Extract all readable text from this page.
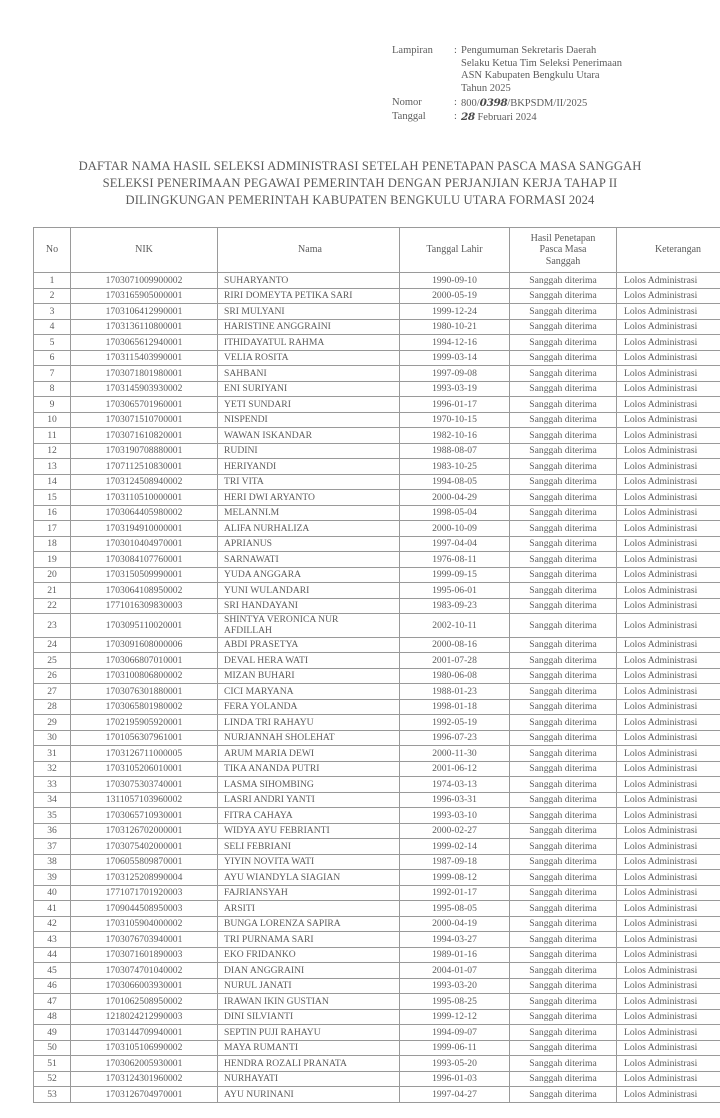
Lampiran	: Pengumuman Sekretaris Daerah
Selaku Ketua Tim Seleksi Penerimaan
ASN Kabupaten Bengkulu Utara
Tahun 2025
Nomor	: 800/0398/BKPSDM/II/2025
Tanggal	: 28 Februari 2024
DAFTAR NAMA HASIL SELEKSI ADMINISTRASI SETELAH PENETAPAN PASCA MASA SANGGAH
SELEKSI PENERIMAAN PEGAWAI PEMERINTAH DENGAN PERJANJIAN KERJA TAHAP II
DILINGKUNGAN PEMERINTAH KABUPATEN BENGKULU UTARA FORMASI 2024
No	NIK	Nama	Tanggal Lahir	Hasil Penetapan
Pasca Masa
Sanggah	Keterangan
1	1703071009900002	SUHARYANTO	1990-09-10	Sanggah diterima	Lolos Administrasi
2	1703165905000001	RIRI DOMEYTA PETIKA SARI	2000-05-19	Sanggah diterima	Lolos Administrasi
3	1703106412990001	SRI MULYANI	1999-12-24	Sanggah diterima	Lolos Administrasi
4	1703136110800001	HARISTINE ANGGRAINI	1980-10-21	Sanggah diterima	Lolos Administrasi
5	1703065612940001	ITHIDAYATUL RAHMA	1994-12-16	Sanggah diterima	Lolos Administrasi
6	1703115403990001	VELIA ROSITA	1999-03-14	Sanggah diterima	Lolos Administrasi
7	1703071801980001	SAHBANI	1997-09-08	Sanggah diterima	Lolos Administrasi
8	1703145903930002	ENI SURIYANI	1993-03-19	Sanggah diterima	Lolos Administrasi
9	1703065701960001	YETI SUNDARI	1996-01-17	Sanggah diterima	Lolos Administrasi
10	1703071510700001	NISPENDI	1970-10-15	Sanggah diterima	Lolos Administrasi
11	1703071610820001	WAWAN ISKANDAR	1982-10-16	Sanggah diterima	Lolos Administrasi
12	1703190708880001	RUDINI	1988-08-07	Sanggah diterima	Lolos Administrasi
13	1707112510830001	HERIYANDI	1983-10-25	Sanggah diterima	Lolos Administrasi
14	1703124508940002	TRI VITA	1994-08-05	Sanggah diterima	Lolos Administrasi
15	1703110510000001	HERI DWI ARYANTO	2000-04-29	Sanggah diterima	Lolos Administrasi
16	1703064405980002	MELANNI.M	1998-05-04	Sanggah diterima	Lolos Administrasi
17	1703194910000001	ALIFA NURHALIZA	2000-10-09	Sanggah diterima	Lolos Administrasi
18	1703010404970001	APRIANUS	1997-04-04	Sanggah diterima	Lolos Administrasi
19	1703084107760001	SARNAWATI	1976-08-11	Sanggah diterima	Lolos Administrasi
20	1703150509990001	YUDA ANGGARA	1999-09-15	Sanggah diterima	Lolos Administrasi
21	1703064108950002	YUNI WULANDARI	1995-06-01	Sanggah diterima	Lolos Administrasi
22	1771016309830003	SRI HANDAYANI	1983-09-23	Sanggah diterima	Lolos Administrasi
23	1703095110020001	SHINTYA VERONICA NUR
AFDILLAH	2002-10-11	Sanggah diterima	Lolos Administrasi
24	1703091608000006	ABDI PRASETYA	2000-08-16	Sanggah diterima	Lolos Administrasi
25	1703066807010001	DEVAL HERA WATI	2001-07-28	Sanggah diterima	Lolos Administrasi
26	1703100806800002	MIZAN BUHARI	1980-06-08	Sanggah diterima	Lolos Administrasi
27	1703076301880001	CICI MARYANA	1988-01-23	Sanggah diterima	Lolos Administrasi
28	1703065801980002	FERA YOLANDA	1998-01-18	Sanggah diterima	Lolos Administrasi
29	1702195905920001	LINDA TRI RAHAYU	1992-05-19	Sanggah diterima	Lolos Administrasi
30	1701056307961001	NURJANNAH SHOLEHAT	1996-07-23	Sanggah diterima	Lolos Administrasi
31	1703126711000005	ARUM MARIA DEWI	2000-11-30	Sanggah diterima	Lolos Administrasi
32	1703105206010001	TIKA ANANDA PUTRI	2001-06-12	Sanggah diterima	Lolos Administrasi
33	1703075303740001	LASMA SIHOMBING	1974-03-13	Sanggah diterima	Lolos Administrasi
34	1311057103960002	LASRI ANDRI YANTI	1996-03-31	Sanggah diterima	Lolos Administrasi
35	1703065710930001	FITRA CAHAYA	1993-03-10	Sanggah diterima	Lolos Administrasi
36	1703126702000001	WIDYA AYU FEBRIANTI	2000-02-27	Sanggah diterima	Lolos Administrasi
37	1703075402000001	SELI FEBRIANI	1999-02-14	Sanggah diterima	Lolos Administrasi
38	1706055809870001	YIYIN NOVITA WATI	1987-09-18	Sanggah diterima	Lolos Administrasi
39	1703125208990004	AYU WIANDYLA SIAGIAN	1999-08-12	Sanggah diterima	Lolos Administrasi
40	1771071701920003	FAJRIANSYAH	1992-01-17	Sanggah diterima	Lolos Administrasi
41	1709044508950003	ARSITI	1995-08-05	Sanggah diterima	Lolos Administrasi
42	1703105904000002	BUNGA LORENZA SAPIRA	2000-04-19	Sanggah diterima	Lolos Administrasi
43	1703076703940001	TRI PURNAMA SARI	1994-03-27	Sanggah diterima	Lolos Administrasi
44	1703071601890003	EKO FRIDANKO	1989-01-16	Sanggah diterima	Lolos Administrasi
45	1703074701040002	DIAN ANGGRAINI	2004-01-07	Sanggah diterima	Lolos Administrasi
46	1703066003930001	NURUL JANATI	1993-03-20	Sanggah diterima	Lolos Administrasi
47	1701062508950002	IRAWAN IKIN GUSTIAN	1995-08-25	Sanggah diterima	Lolos Administrasi
48	1218024212990003	DINI SILVIANTI	1999-12-12	Sanggah diterima	Lolos Administrasi
49	1703144709940001	SEPTIN PUJI RAHAYU	1994-09-07	Sanggah diterima	Lolos Administrasi
50	1703105106990002	MAYA RUMANTI	1999-06-11	Sanggah diterima	Lolos Administrasi
51	1703062005930001	HENDRA ROZALI PRANATA	1993-05-20	Sanggah diterima	Lolos Administrasi
52	1703124301960002	NURHAYATI	1996-01-03	Sanggah diterima	Lolos Administrasi
53	1703126704970001	AYU NURINANI	1997-04-27	Sanggah diterima	Lolos Administrasi
